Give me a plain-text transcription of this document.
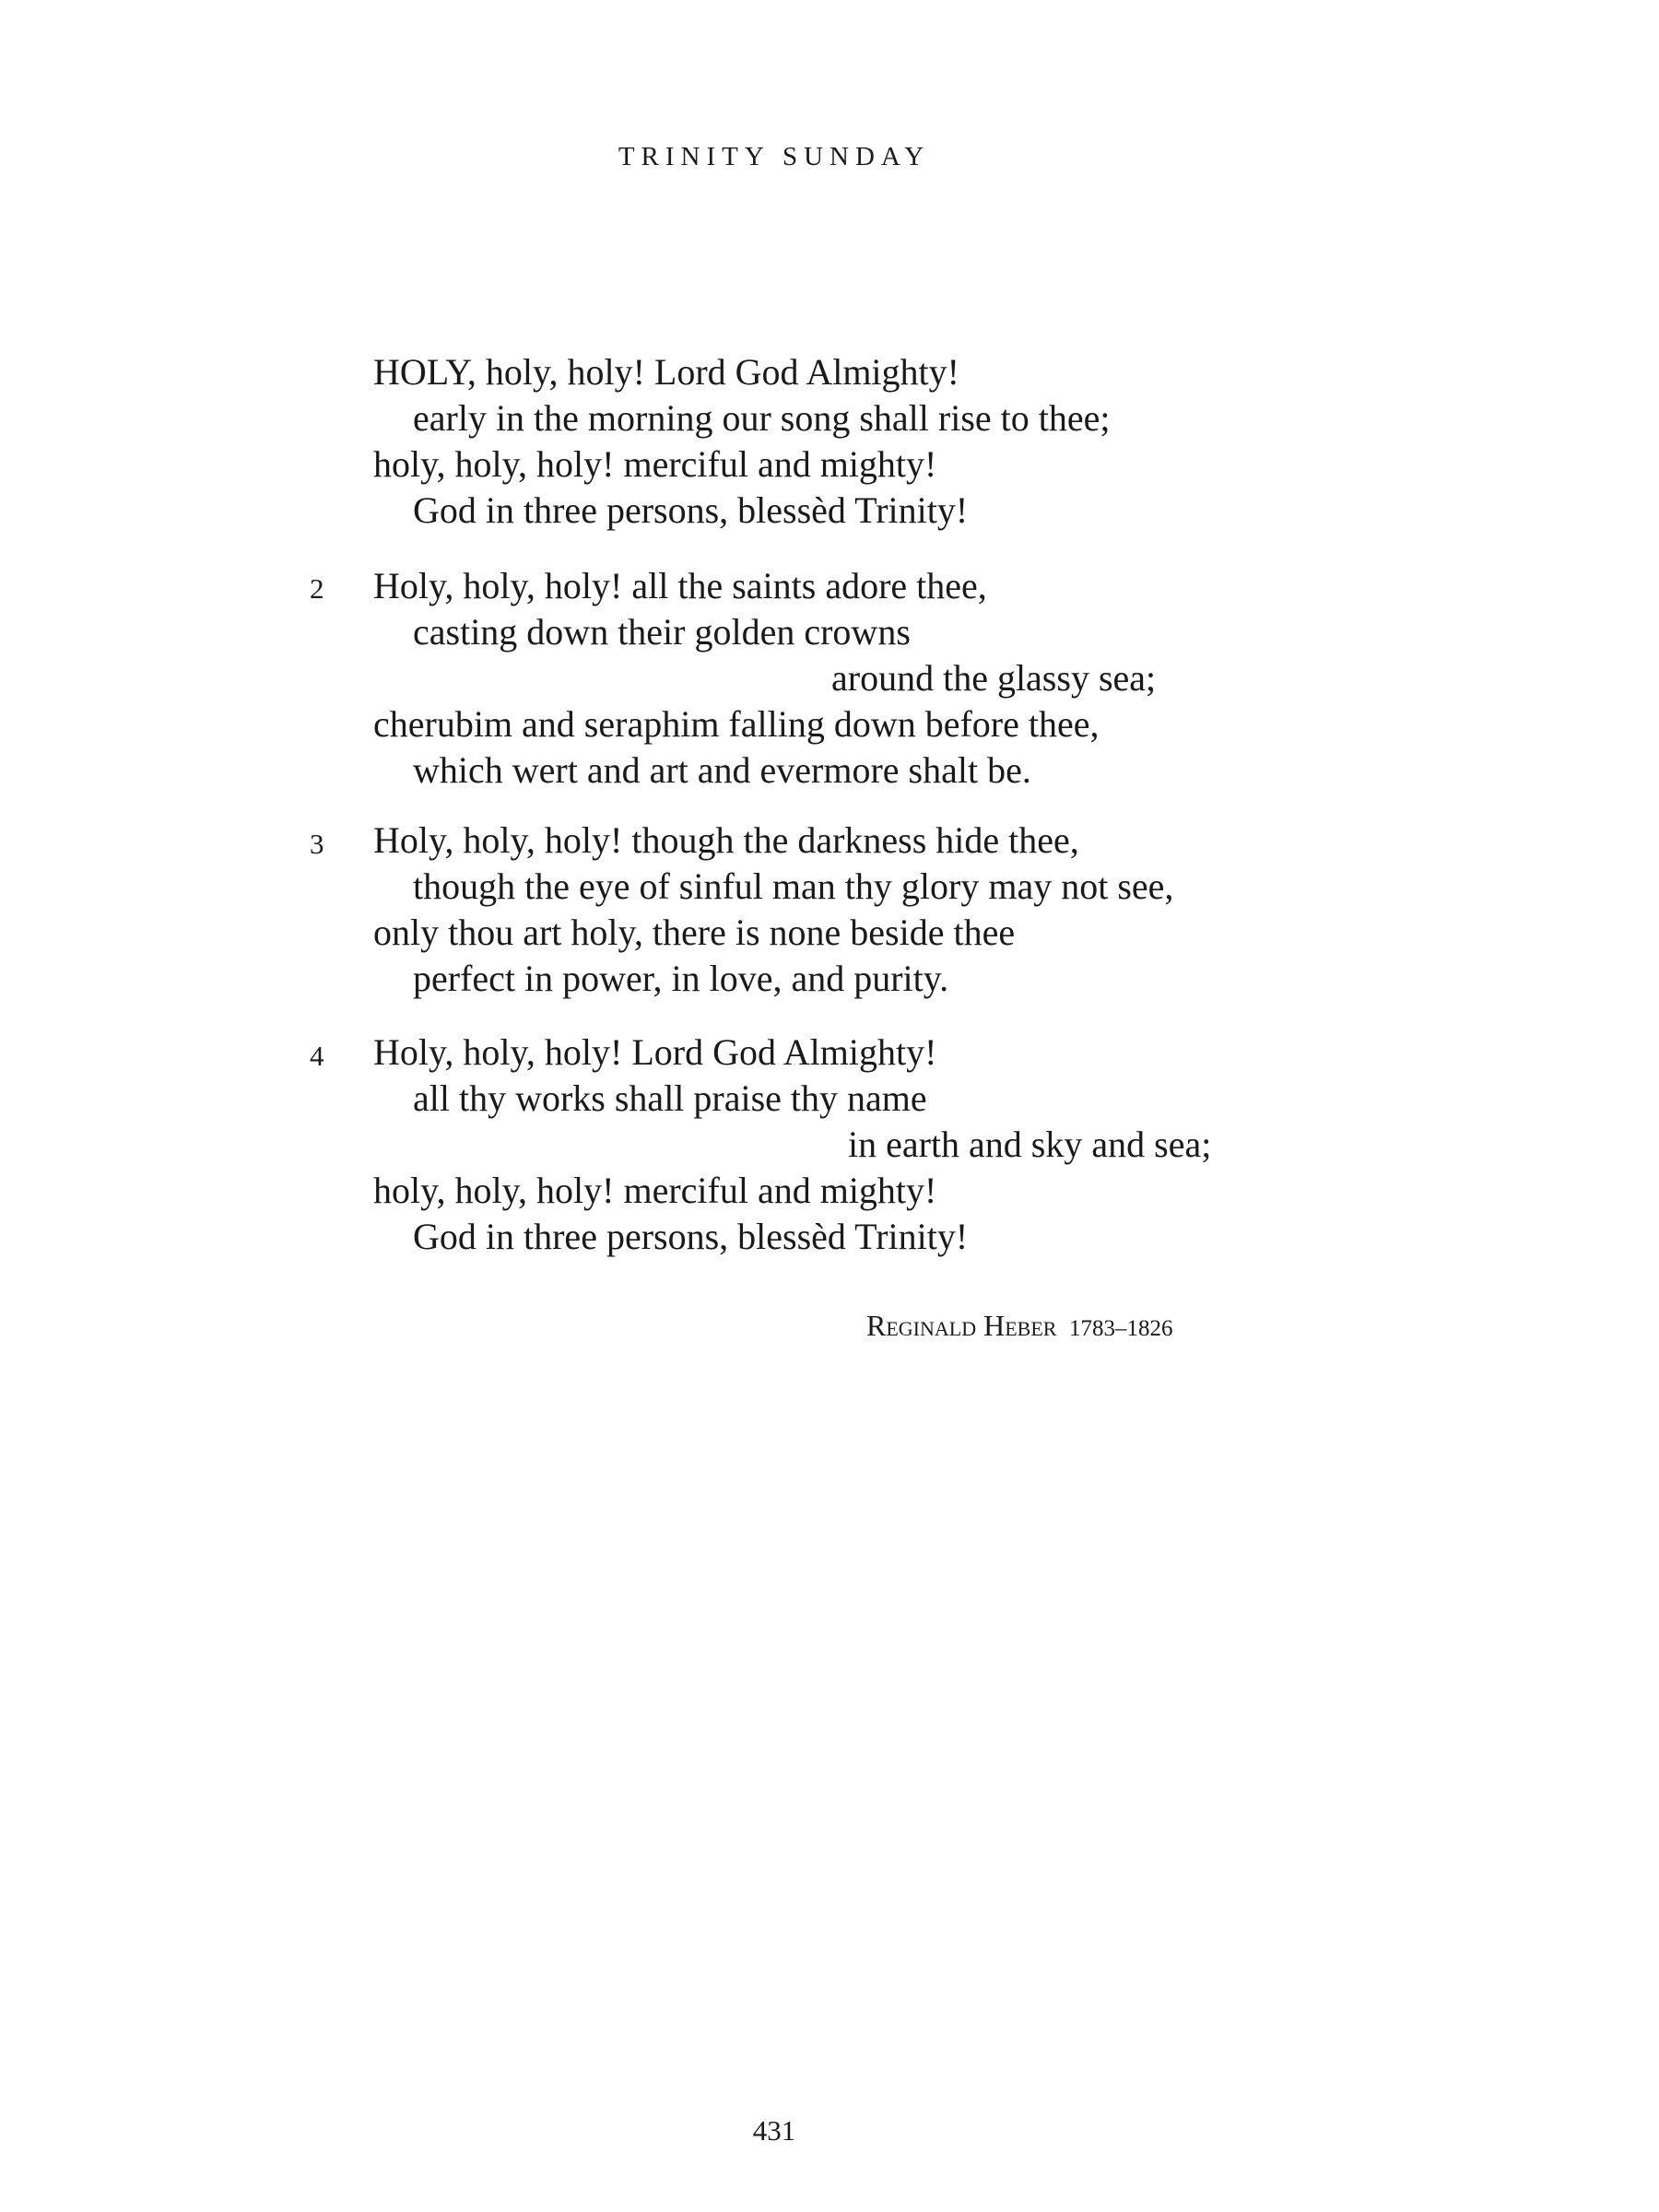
TRINITY SUNDAY
HOLY, holy, holy! Lord God Almighty!
early in the morning our song shall rise to thee;
holy, holy, holy! merciful and mighty!
God in three persons, blessèd Trinity!
2 Holy, holy, holy! all the saints adore thee,
casting down their golden crowns
around the glassy sea;
cherubim and seraphim falling down before thee,
which wert and art and evermore shalt be.
3 Holy, holy, holy! though the darkness hide thee,
though the eye of sinful man thy glory may not see,
only thou art holy, there is none beside thee
perfect in power, in love, and purity.
4 Holy, holy, holy! Lord God Almighty!
all thy works shall praise thy name
in earth and sky and sea;
holy, holy, holy! merciful and mighty!
God in three persons, blessèd Trinity!
Reginald Heber 1783–1826
431
